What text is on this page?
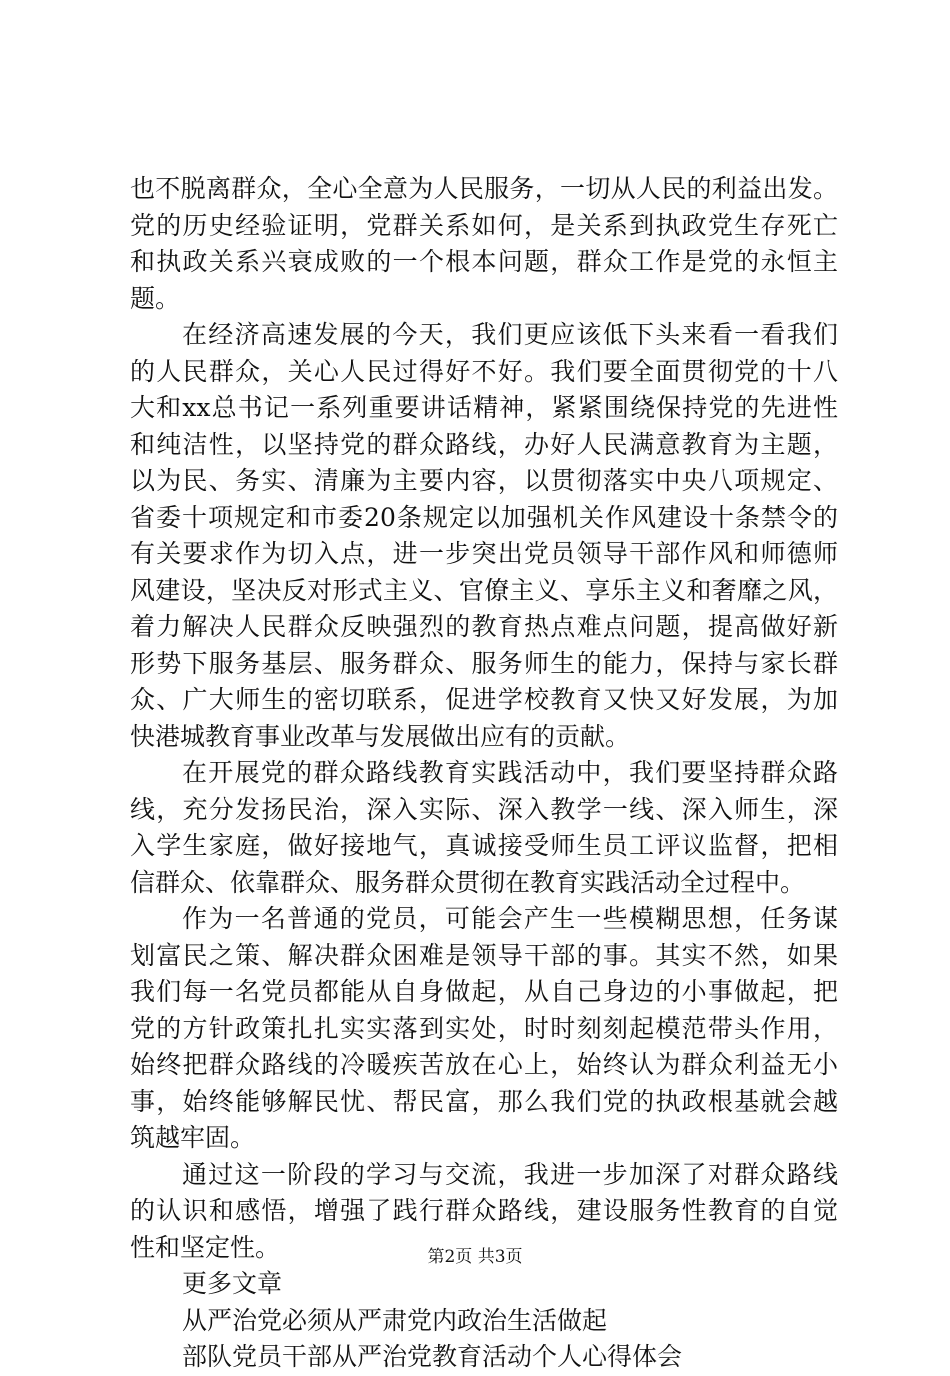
也不脱离群众，全心全意为人民服务，一切从人民的利益出发。
党的历史经验证明，党群关系如何，是关系到执政党生存死亡
和执政关系兴衰成败的一个根本问题，群众工作是党的永恒主
题。
在经济高速发展的今天，我们更应该低下头来看一看我们
的人民群众，关心人民过得好不好。我们要全面贯彻党的十八
大和xx总书记一系列重要讲话精神，紧紧围绕保持党的先进性
和纯洁性，以坚持党的群众路线，办好人民满意教育为主题，
以为民、务实、清廉为主要内容，以贯彻落实中央八项规定、
省委十项规定和市委20条规定以加强机关作风建设十条禁令的
有关要求作为切入点，进一步突出党员领导干部作风和师德师
风建设，坚决反对形式主义、官僚主义、享乐主义和奢靡之风，
着力解决人民群众反映强烈的教育热点难点问题，提高做好新
形势下服务基层、服务群众、服务师生的能力，保持与家长群
众、广大师生的密切联系，促进学校教育又快又好发展，为加
快港城教育事业改革与发展做出应有的贡献。
在开展党的群众路线教育实践活动中，我们要坚持群众路
线，充分发扬民治，深入实际、深入教学一线、深入师生，深
入学生家庭，做好接地气，真诚接受师生员工评议监督，把相
信群众、依靠群众、服务群众贯彻在教育实践活动全过程中。
作为一名普通的党员，可能会产生一些模糊思想，任务谋
划富民之策、解决群众困难是领导干部的事。其实不然，如果
我们每一名党员都能从自身做起，从自己身边的小事做起，把
党的方针政策扎扎实实落到实处，时时刻刻起模范带头作用，
始终把群众路线的冷暖疾苦放在心上，始终认为群众利益无小
事，始终能够解民忧、帮民富，那么我们党的执政根基就会越
筑越牢固。
通过这一阶段的学习与交流，我进一步加深了对群众路线
的认识和感悟，增强了践行群众路线，建设服务性教育的自觉
性和坚定性。
更多文章
从严治党必须从严肃党内政治生活做起
部队党员干部从严治党教育活动个人心得体会
第2页 共3页
